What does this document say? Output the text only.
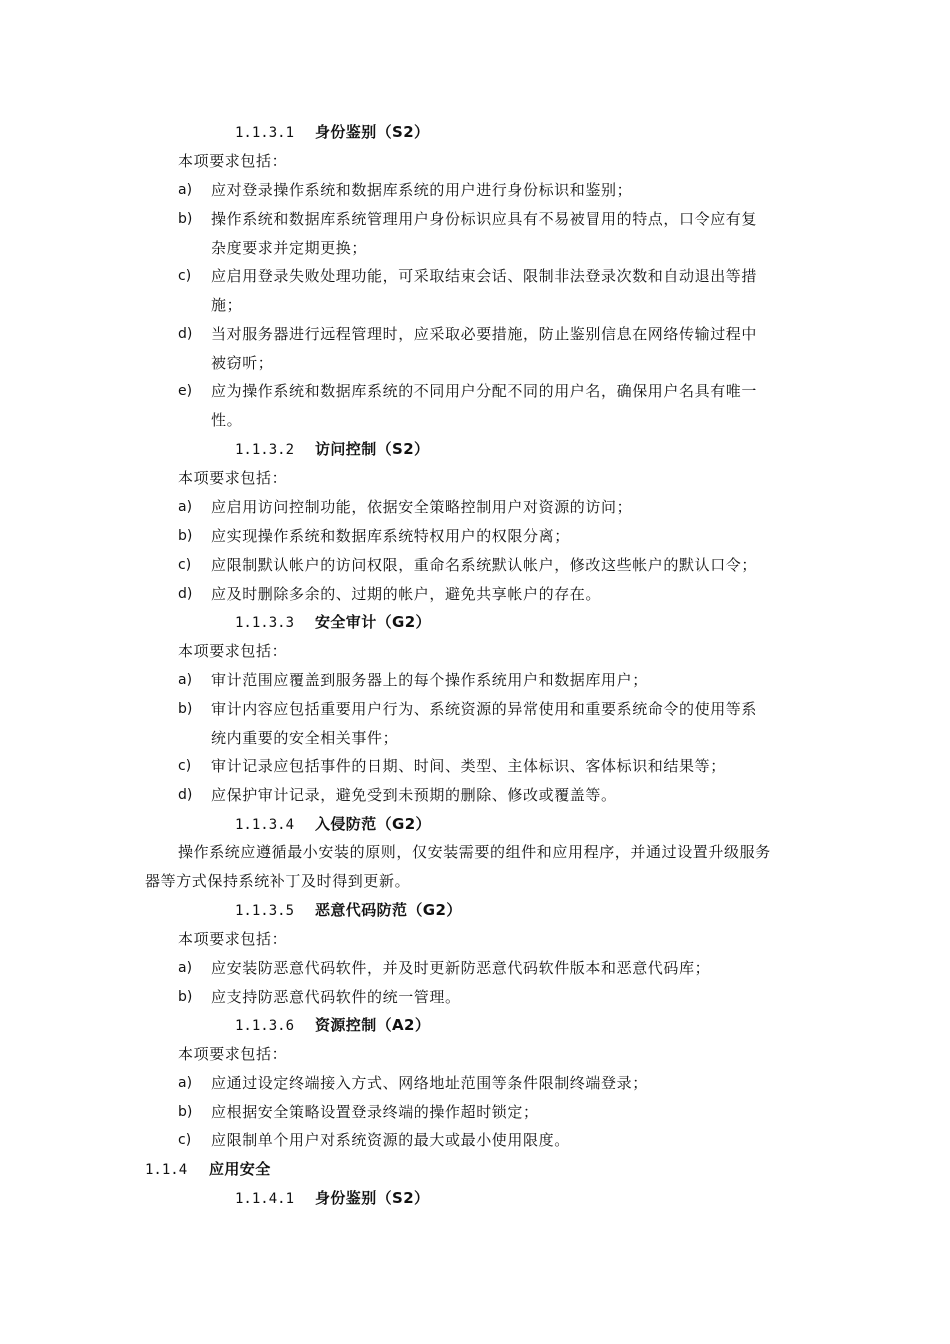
1.1.3.1 身份鉴别（S2）
本项要求包括：
a) 应对登录操作系统和数据库系统的用户进行身份标识和鉴别；
b) 操作系统和数据库系统管理用户身份标识应具有不易被冒用的特点，口令应有复
杂度要求并定期更换；
c) 应启用登录失败处理功能，可采取结束会话、限制非法登录次数和自动退出等措
施；
d) 当对服务器进行远程管理时，应采取必要措施，防止鉴别信息在网络传输过程中
被窃听；
e) 应为操作系统和数据库系统的不同用户分配不同的用户名，确保用户名具有唯一
性。
1.1.3.2 访问控制（S2）
本项要求包括：
a) 应启用访问控制功能，依据安全策略控制用户对资源的访问；
b) 应实现操作系统和数据库系统特权用户的权限分离；
c) 应限制默认帐户的访问权限，重命名系统默认帐户，修改这些帐户的默认口令；
d) 应及时删除多余的、过期的帐户，避免共享帐户的存在。
1.1.3.3 安全审计（G2）
本项要求包括：
a) 审计范围应覆盖到服务器上的每个操作系统用户和数据库用户；
b) 审计内容应包括重要用户行为、系统资源的异常使用和重要系统命令的使用等系
统内重要的安全相关事件；
c) 审计记录应包括事件的日期、时间、类型、主体标识、客体标识和结果等；
d) 应保护审计记录，避免受到未预期的删除、修改或覆盖等。
1.1.3.4 入侵防范（G2）
操作系统应遵循最小安装的原则，仅安装需要的组件和应用程序，并通过设置升级服务
器等方式保持系统补丁及时得到更新。
1.1.3.5 恶意代码防范（G2）
本项要求包括：
a) 应安装防恶意代码软件，并及时更新防恶意代码软件版本和恶意代码库；
b) 应支持防恶意代码软件的统一管理。
1.1.3.6 资源控制（A2）
本项要求包括：
a) 应通过设定终端接入方式、网络地址范围等条件限制终端登录；
b) 应根据安全策略设置登录终端的操作超时锁定；
c) 应限制单个用户对系统资源的最大或最小使用限度。
1.1.4 应用安全
1.1.4.1 身份鉴别（S2）
